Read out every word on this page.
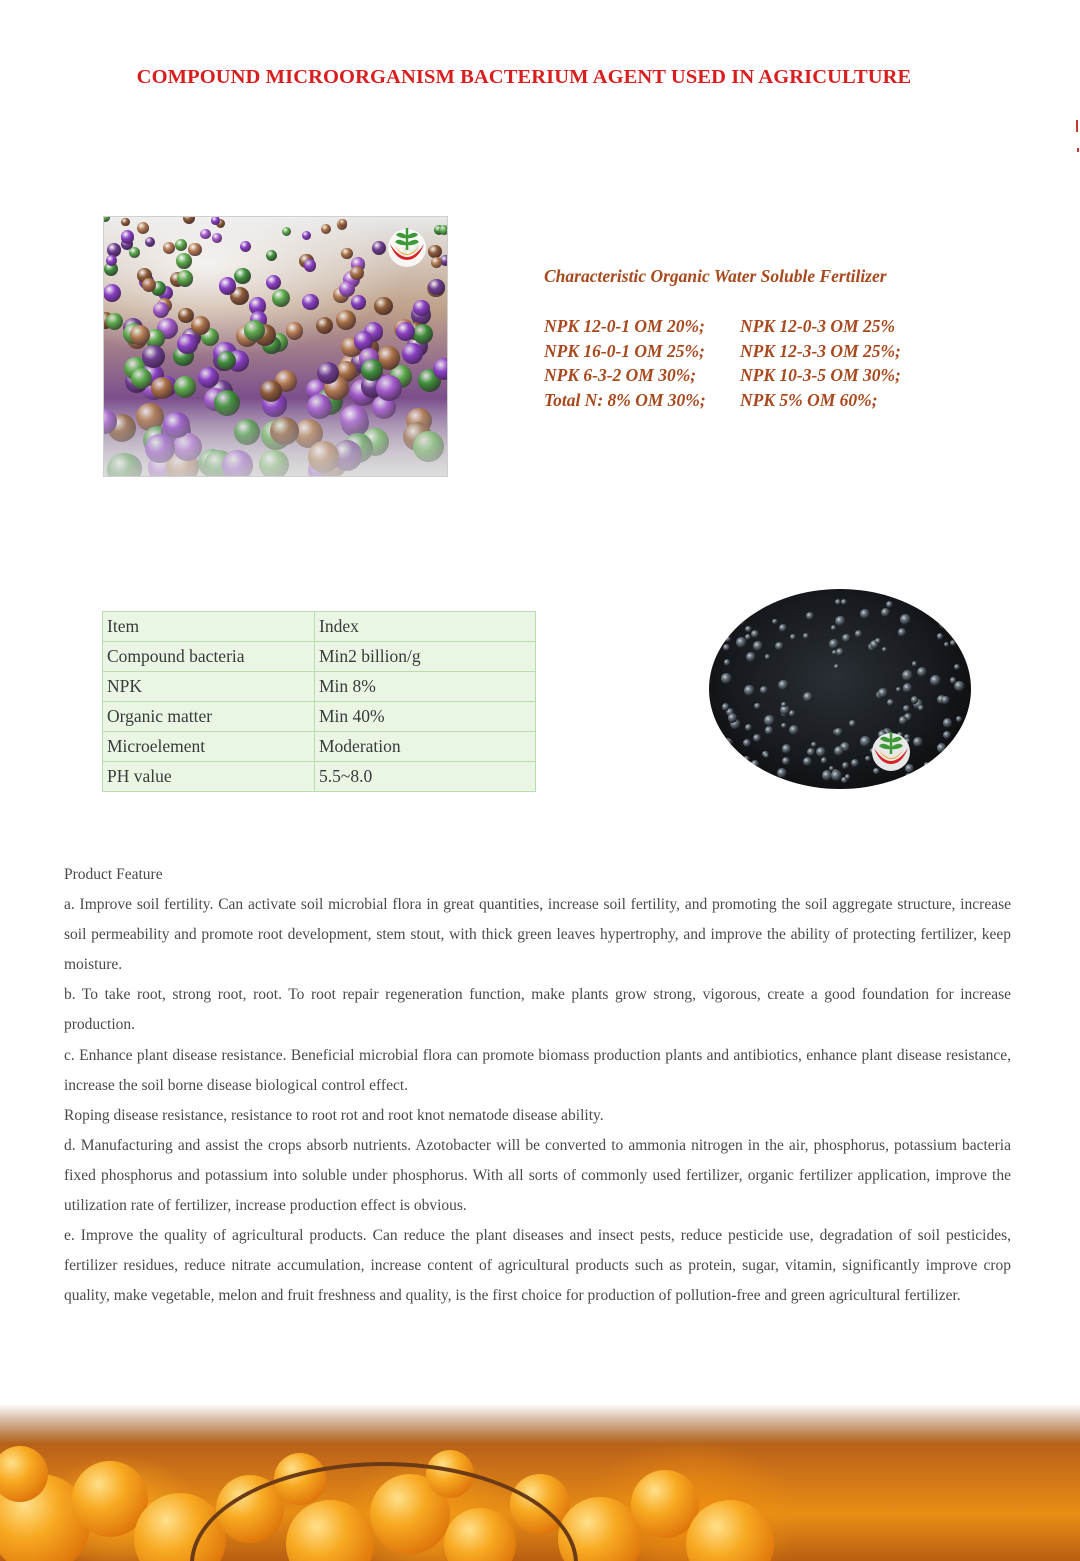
COMPOUND MICROORGANISM BACTERIUM AGENT USED IN AGRICULTURE
Characteristic Organic Water Soluble Fertilizer
NPK 12-0-1 OM 20%;
NPK 16-0-1 OM 25%;
NPK 6-3-2 OM 30%;
Total N: 8% OM 30%;
NPK 12-0-3 OM 25%
NPK 12-3-3 OM 25%;
NPK 10-3-5 OM 30%;
NPK 5% OM 60%;
Item	Index
Compound bacteria	Min2 billion/g
NPK	Min 8%
Organic matter	Min 40%
Microelement	Moderation
PH value	5.5~8.0

Product Feature

a. Improve soil fertility. Can activate soil microbial flora in great quantities, increase soil fertility, and promoting the soil aggregate structure, increase soil permeability and promote root development, stem stout, with thick green leaves hypertrophy, and improve the ability of protecting fertilizer, keep moisture.

b. To take root, strong root, root. To root repair regeneration function, make plants grow strong, vigorous, create a good foundation for increase production.

c. Enhance plant disease resistance. Beneficial microbial flora can promote biomass production plants and antibiotics, enhance plant disease resistance, increase the soil borne disease biological control effect.

Roping disease resistance, resistance to root rot and root knot nematode disease ability.

d. Manufacturing and assist the crops absorb nutrients. Azotobacter will be converted to ammonia nitrogen in the air, phosphorus, potassium bacteria fixed phosphorus and potassium into soluble under phosphorus. With all sorts of commonly used fertilizer, organic fertilizer application, improve the utilization rate of fertilizer, increase production effect is obvious.

e. Improve the quality of agricultural products. Can reduce the plant diseases and insect pests, reduce pesticide use, degradation of soil pesticides, fertilizer residues, reduce nitrate accumulation, increase content of agricultural products such as protein, sugar, vitamin, significantly improve crop quality, make vegetable, melon and fruit freshness and quality, is the first choice for production of pollution-free and green agricultural fertilizer.
